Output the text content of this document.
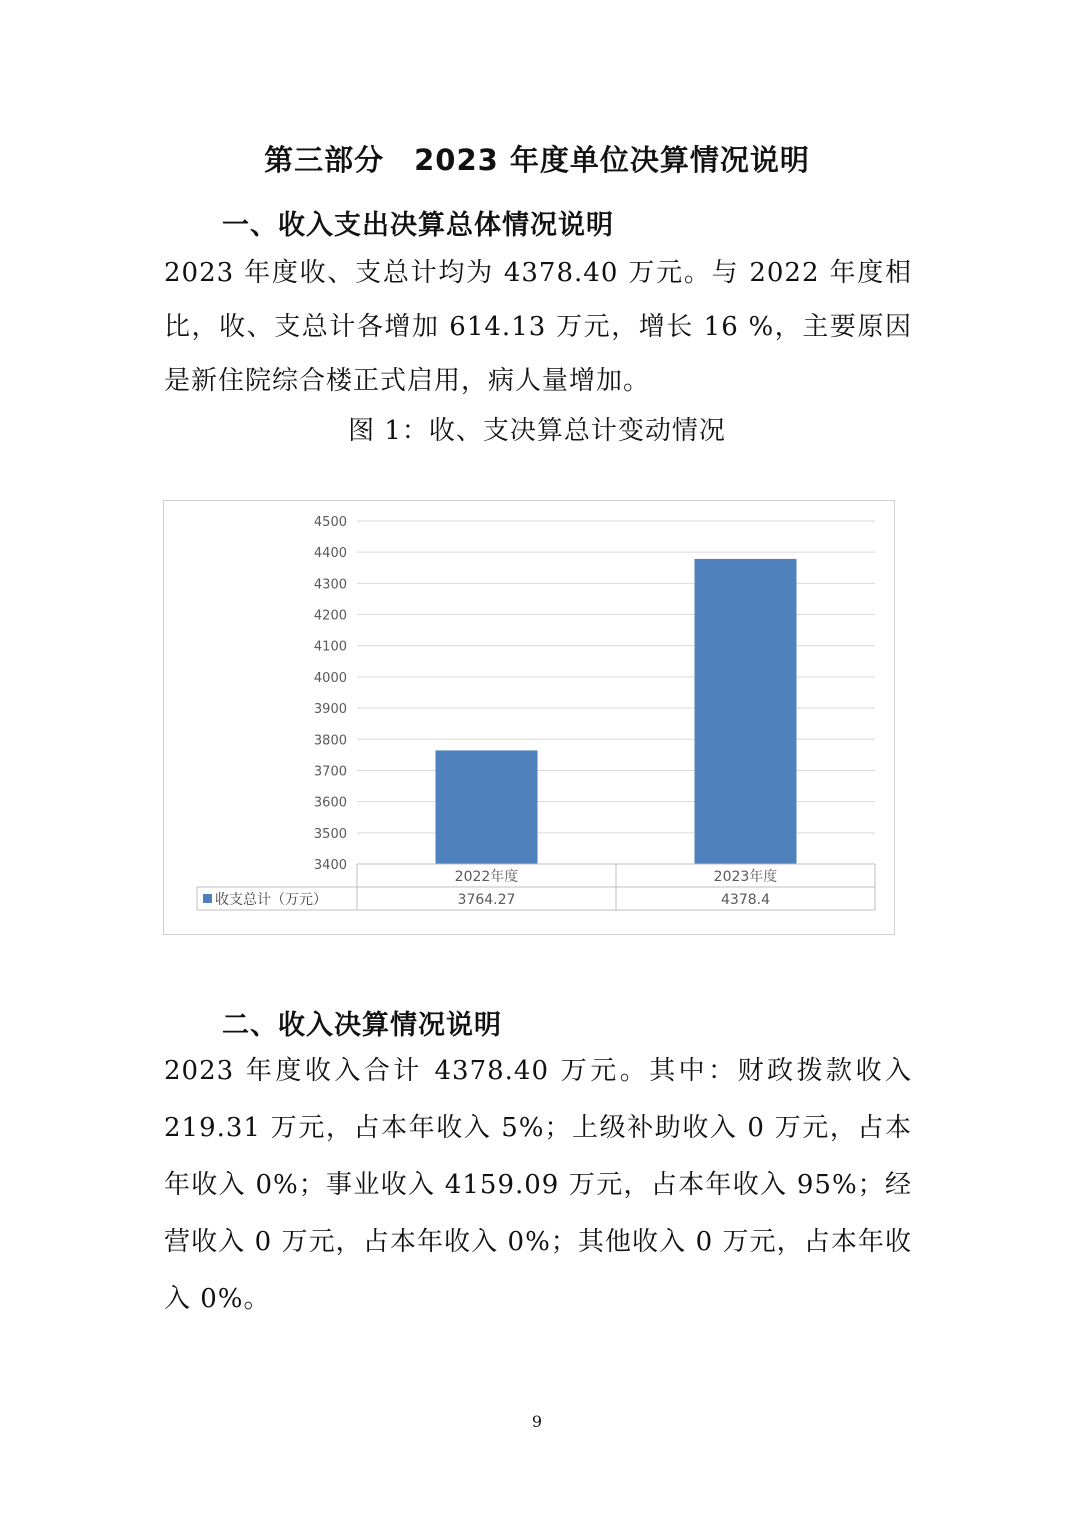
第三部分　2023 年度单位决算情况说明
一、收入支出决算总体情况说明
2023 年度收、支总计均为 4378.40 万元。与 2022 年度相比，收、支总计各增加 614.13 万元，增长 16 %，主要原因是新住院综合楼正式启用，病人量增加。
图 1：收、支决算总计变动情况
3400
3500
3600
3700
3800
3900
4000
4100
4200
4300
4400
4500
2022年度
3764.27
2023年度
4378.4
收支总计（万元）
二、收入决算情况说明
2023 年度收入合计 4378.40 万元。其中：财政拨款收入 219.31 万元，占本年收入 5%；上级补助收入 0 万元，占本年收入 0%；事业收入 4159.09 万元，占本年收入 95%；经营收入 0 万元，占本年收入 0%；其他收入 0 万元，占本年收入 0%。
9
